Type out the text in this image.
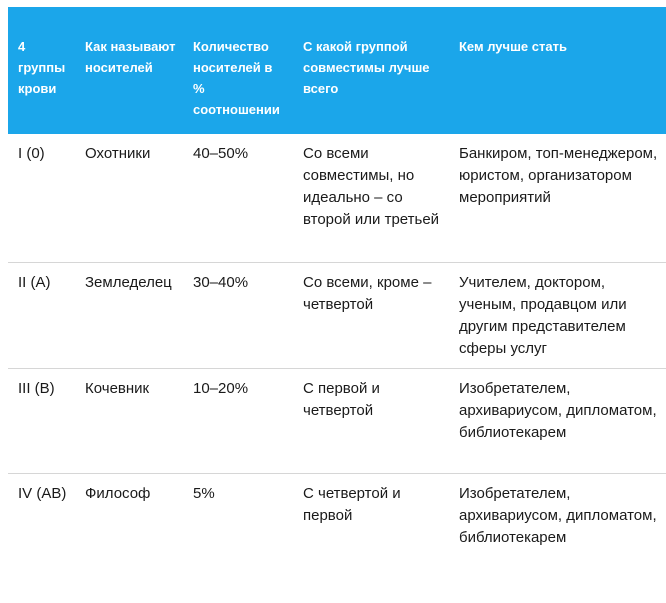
4 группы крови	Как называют носителей	Количество носителей в % соотношении	С какой группой совместимы лучше всего	Кем лучше стать
I (0)	Охотники	40–50%	Со всеми совместимы, но идеально – со второй или третьей	Банкиром, топ-менеджером, юристом, организатором мероприятий
II (A)	Земледелец	30–40%	Со всеми, кроме – четвертой	Учителем, доктором, ученым, продавцом или другим представителем сферы услуг
III (B)	Кочевник	10–20%	С первой и четвертой	Изобретателем, архивариусом, дипломатом, библиотекарем
IV (AB)	Философ	5%	С четвертой и первой	Изобретателем, архивариусом, дипломатом, библиотекарем
